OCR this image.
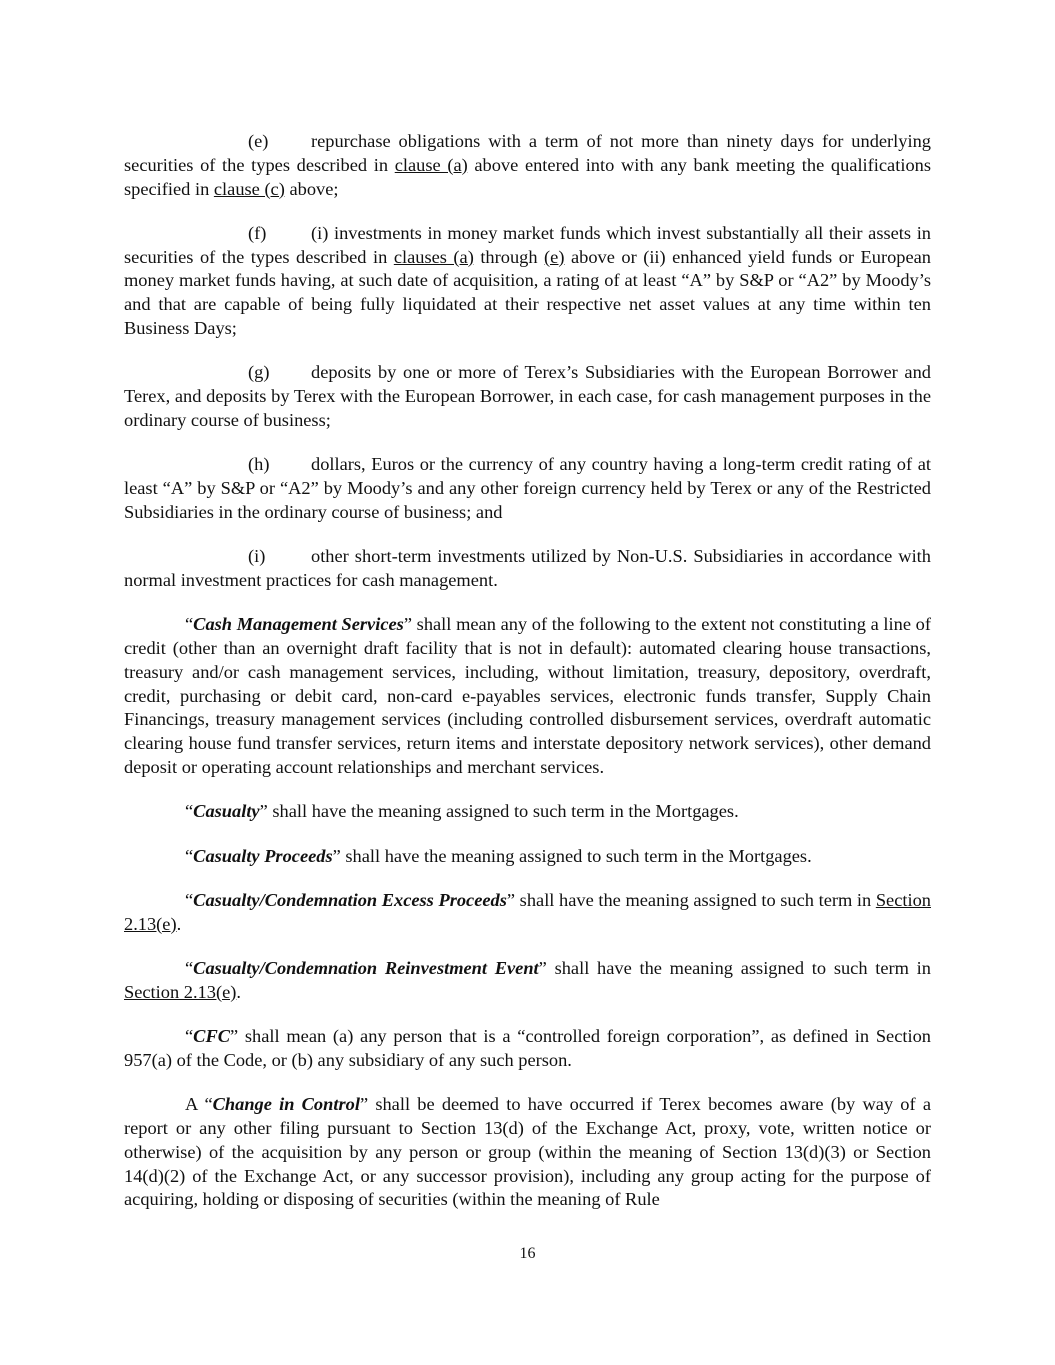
(e) repurchase obligations with a term of not more than ninety days for underlying securities of the types described in clause (a) above entered into with any bank meeting the qualifications specified in clause (c) above;

(f) (i) investments in money market funds which invest substantially all their assets in securities of the types described in clauses (a) through (e) above or (ii) enhanced yield funds or European money market funds having, at such date of acquisition, a rating of at least “A” by S&P or “A2” by Moody’s and that are capable of being fully liquidated at their respective net asset values at any time within ten Business Days;

(g) deposits by one or more of Terex’s Subsidiaries with the European Borrower and Terex, and deposits by Terex with the European Borrower, in each case, for cash management purposes in the ordinary course of business;

(h) dollars, Euros or the currency of any country having a long-term credit rating of at least “A” by S&P or “A2” by Moody’s and any other foreign currency held by Terex or any of the Restricted Subsidiaries in the ordinary course of business; and

(i) other short-term investments utilized by Non-U.S. Subsidiaries in accordance with normal investment practices for cash management.

“Cash Management Services” shall mean any of the following to the extent not constituting a line of credit (other than an overnight draft facility that is not in default): automated clearing house transactions, treasury and/or cash management services, including, without limitation, treasury, depository, overdraft, credit, purchasing or debit card, non-card e-payables services, electronic funds transfer, Supply Chain Financings, treasury management services (including controlled disbursement services, overdraft automatic clearing house fund transfer services, return items and interstate depository network services), other demand deposit or operating account relationships and merchant services.

“Casualty” shall have the meaning assigned to such term in the Mortgages.

“Casualty Proceeds” shall have the meaning assigned to such term in the Mortgages.

“Casualty/Condemnation Excess Proceeds” shall have the meaning assigned to such term in Section 2.13(e).

“Casualty/Condemnation Reinvestment Event” shall have the meaning assigned to such term in Section 2.13(e).

“CFC” shall mean (a) any person that is a “controlled foreign corporation”, as defined in Section 957(a) of the Code, or (b) any subsidiary of any such person.

A “Change in Control” shall be deemed to have occurred if Terex becomes aware (by way of a report or any other filing pursuant to Section 13(d) of the Exchange Act, proxy, vote, written notice or otherwise) of the acquisition by any person or group (within the meaning of Section 13(d)(3) or Section 14(d)(2) of the Exchange Act, or any successor provision), including any group acting for the purpose of acquiring, holding or disposing of securities (within the meaning of Rule

16
